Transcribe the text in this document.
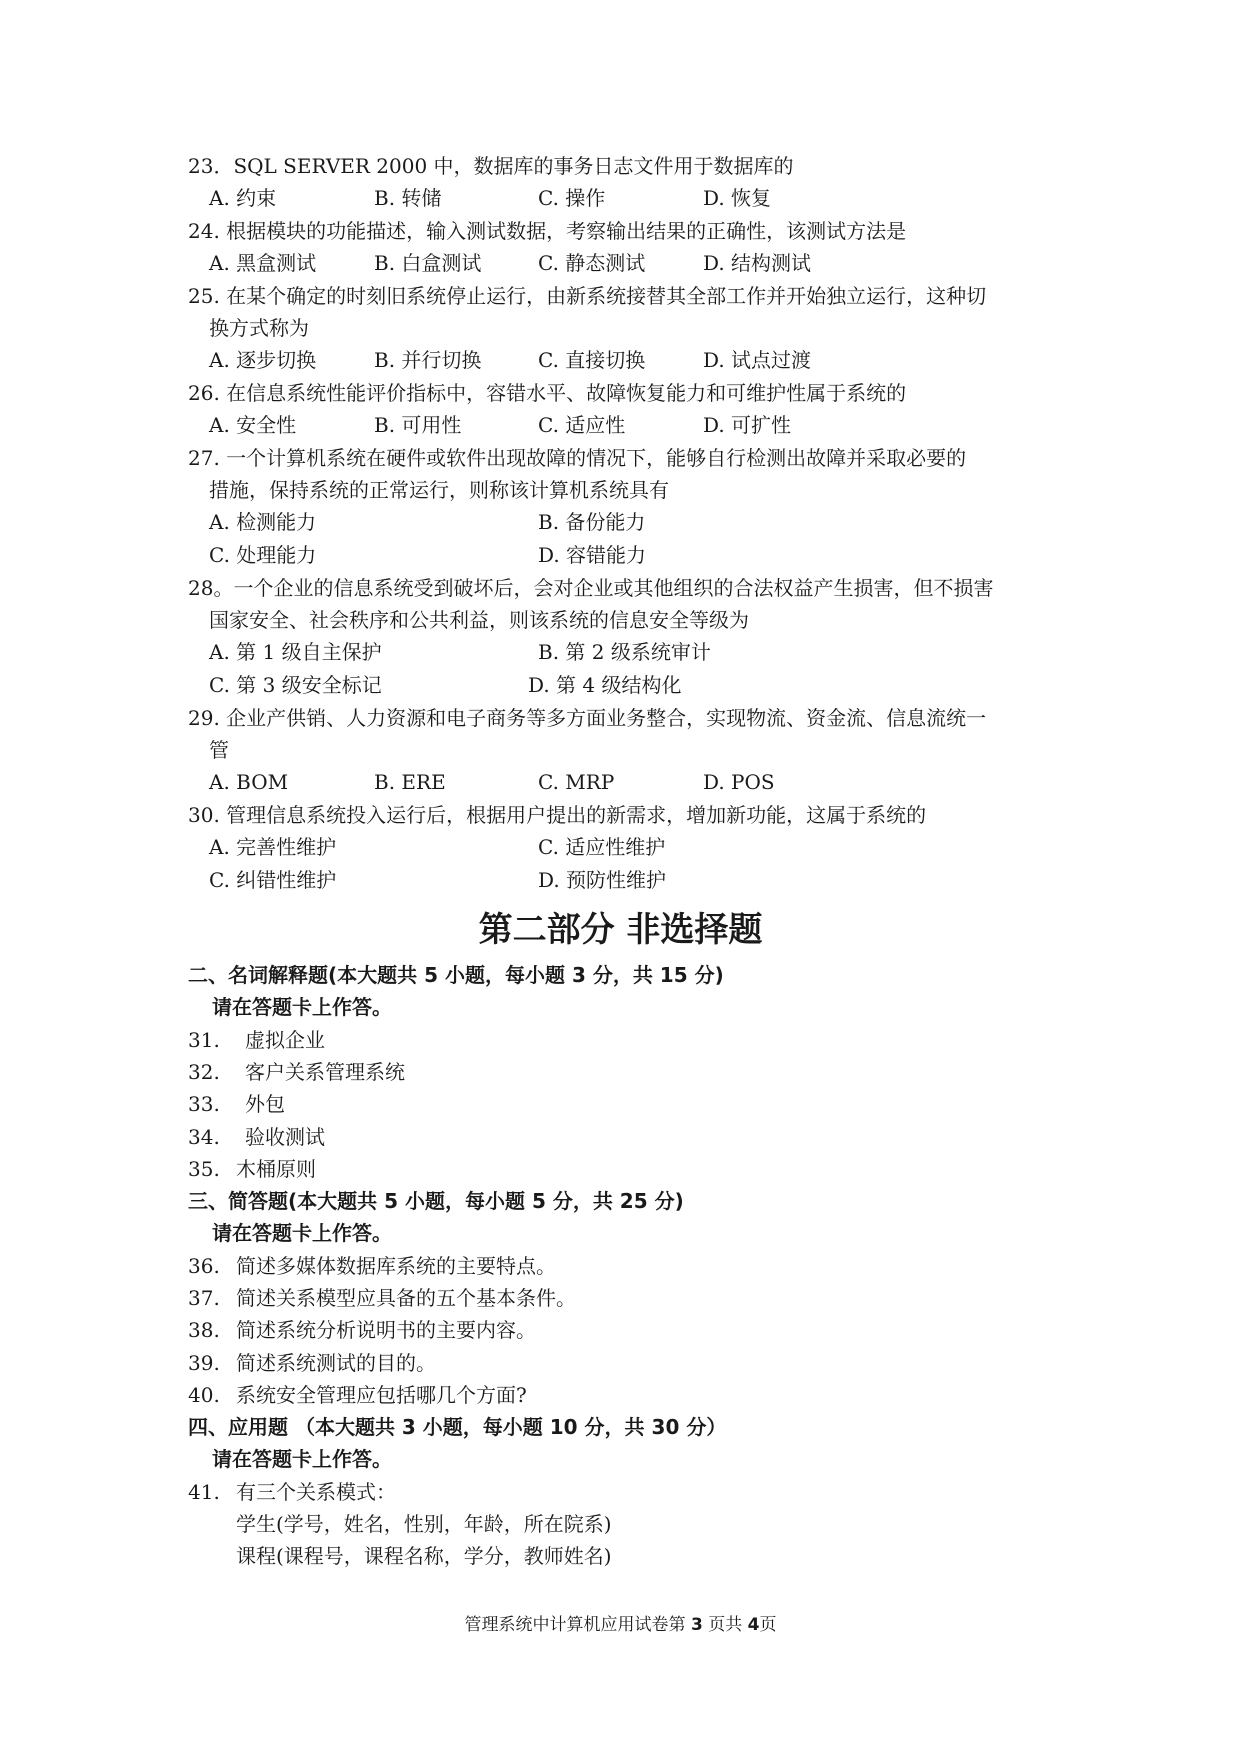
23．SQL SERVER 2000 中，数据库的事务日志文件用于数据库的
A. 约束	B. 转储	C. 操作	D. 恢复
24. 根据模块的功能描述，输入测试数据，考察输出结果的正确性，该测试方法是
A. 黑盒测试	B. 白盒测试	C. 静态测试	D. 结构测试
25. 在某个确定的时刻旧系统停止运行，由新系统接替其全部工作并开始独立运行，这种切
换方式称为
A. 逐步切换	B. 并行切换	C. 直接切换	D. 试点过渡
26. 在信息系统性能评价指标中，容错水平、故障恢复能力和可维护性属于系统的
A. 安全性	B. 可用性	C. 适应性	D. 可扩性
27. 一个计算机系统在硬件或软件出现故障的情况下，能够自行检测出故障并采取必要的
措施，保持系统的正常运行，则称该计算机系统具有
A. 检测能力	B. 备份能力
C. 处理能力	D. 容错能力
28。一个企业的信息系统受到破坏后，会对企业或其他组织的合法权益产生损害，但不损害
国家安全、社会秩序和公共利益，则该系统的信息安全等级为
A. 第 1 级自主保护	B. 第 2 级系统审计
C. 第 3 级安全标记	D. 第 4 级结构化
29. 企业产供销、人力资源和电子商务等多方面业务整合，实现物流、资金流、信息流统一
管
A. BOM	B. ERE	C. MRP	D. POS
30. 管理信息系统投入运行后，根据用户提出的新需求，增加新功能，这属于系统的
A. 完善性维护	C. 适应性维护
C. 纠错性维护	D. 预防性维护
第二部分 非选择题
二、名词解释题(本大题共 5 小题，每小题 3 分，共 15 分)
请在答题卡上作答。
31. 虚拟企业
32. 客户关系管理系统
33. 外包
34. 验收测试
35. 木桶原则
三、简答题(本大题共 5 小题，每小题 5 分，共 25 分)
请在答题卡上作答。
36. 简述多媒体数据库系统的主要特点。
37. 简述关系模型应具备的五个基本条件。
38. 简述系统分析说明书的主要内容。
39. 简述系统测试的目的。
40. 系统安全管理应包括哪几个方面?
四、应用题 （本大题共 3 小题，每小题 10 分，共 30 分）
请在答题卡上作答。
41. 有三个关系模式：
学生(学号，姓名，性别，年龄，所在院系)
课程(课程号，课程名称，学分，教师姓名)
管理系统中计算机应用试卷第 3 页共 4页
